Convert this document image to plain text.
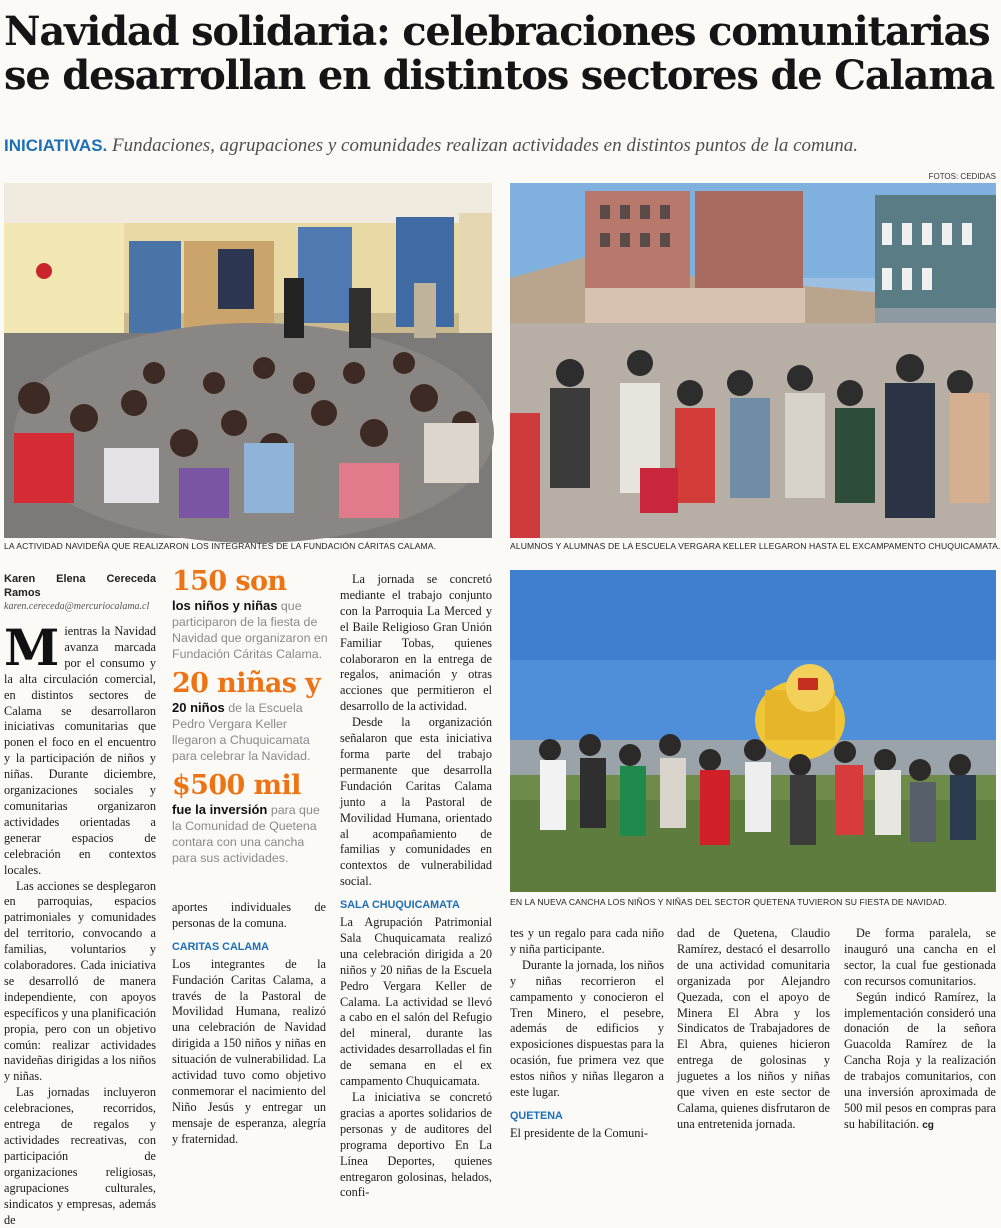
Navidad solidaria: celebraciones comunitarias se desarrollan en distintos sectores de Calama
INICIATIVAS. Fundaciones, agrupaciones y comunidades realizan actividades en distintos puntos de la comuna.
FOTOS: CEDIDAS
LA ACTIVIDAD NAVIDEÑA QUE REALIZARON LOS INTEGRANTES DE LA FUNDACIÓN CÁRITAS CALAMA.	ALUMNOS Y ALUMNAS DE LA ESCUELA VERGARA KELLER LLEGARON HASTA EL EXCAMPAMENTO CHUQUICAMATA.
EN LA NUEVA CANCHA LOS NIÑOS Y NIÑAS DEL SECTOR QUETENA TUVIERON SU FIESTA DE NAVIDAD.
Karen Elena Cereceda Ramos
karen.cereceda@mercuriocalama.cl

Mientras la Navidad avanza marcada por el consumo y la alta circulación comercial, en distintos sectores de Calama se desarrollaron iniciativas comunitarias que ponen el foco en el encuentro y la participación de niños y niñas. Durante diciembre, organizaciones sociales y comunitarias organizaron actividades orientadas a generar espacios de celebración en contextos locales.

Las acciones se desplegaron en parroquias, espacios patrimoniales y comunidades del territorio, convocando a familias, voluntarios y colaboradores. Cada iniciativa se desarrolló de manera independiente, con apoyos específicos y una planificación propia, pero con un objetivo común: realizar actividades navideñas dirigidas a los niños y niñas.

Las jornadas incluyeron celebraciones, recorridos, entrega de regalos y actividades recreativas, con participación de organizaciones religiosas, agrupaciones culturales, sindicatos y empresas, además de

150 son
los niños y niñas que participaron de la fiesta de Navidad que organizaron en Fundación Cáritas Calama.
20 niñas y
20 niños de la Escuela Pedro Vergara Keller llegaron a Chuquicamata para celebrar la Navidad.
$500 mil
fue la inversión para que la Comunidad de Quetena contara con una cancha para sus actividades.

aportes individuales de personas de la comuna.

CARITAS CALAMA

Los integrantes de la Fundación Caritas Calama, a través de la Pastoral de Movilidad Humana, realizó una celebración de Navidad dirigida a 150 niños y niñas en situación de vulnerabilidad. La actividad tuvo como objetivo conmemorar el nacimiento del Niño Jesús y entregar un mensaje de esperanza, alegría y fraternidad.

La jornada se concretó mediante el trabajo conjunto con la Parroquia La Merced y el Baile Religioso Gran Unión Familiar Tobas, quienes colaboraron en la entrega de regalos, animación y otras acciones que permitieron el desarrollo de la actividad.

Desde la organización señalaron que esta iniciativa forma parte del trabajo permanente que desarrolla Fundación Caritas Calama junto a la Pastoral de Movilidad Humana, orientado al acompañamiento de familias y comunidades en contextos de vulnerabilidad social.

SALA CHUQUICAMATA

La Agrupación Patrimonial Sala Chuquicamata realizó una celebración dirigida a 20 niños y 20 niñas de la Escuela Pedro Vergara Keller de Calama. La actividad se llevó a cabo en el salón del Refugio del mineral, durante las actividades desarrolladas el fin de semana en el ex campamento Chuquicamata.

La iniciativa se concretó gracias a aportes solidarios de personas y de auditores del programa deportivo En La Línea Deportes, quienes entregaron golosinas, helados, confi-

tes y un regalo para cada niño y niña participante.

Durante la jornada, los niños y niñas recorrieron el campamento y conocieron el Tren Minero, el pesebre, además de edificios y exposiciones dispuestas para la ocasión, fue primera vez que estos niños y niñas llegaron a este lugar.

QUETENA

El presidente de la Comuni-

dad de Quetena, Claudio Ramírez, destacó el desarrollo de una actividad comunitaria organizada por Alejandro Quezada, con el apoyo de Minera El Abra y los Sindicatos de Trabajadores de El Abra, quienes hicieron entrega de golosinas y juguetes a los niños y niñas que viven en este sector de Calama, quienes disfrutaron de una entretenida jornada.

De forma paralela, se inauguró una cancha en el sector, la cual fue gestionada con recursos comunitarios.

Según indicó Ramírez, la implementación consideró una donación de la señora Guacolda Ramírez de la Cancha Roja y la realización de trabajos comunitarios, con una inversión aproximada de 500 mil pesos en compras para su habilitación. cg
